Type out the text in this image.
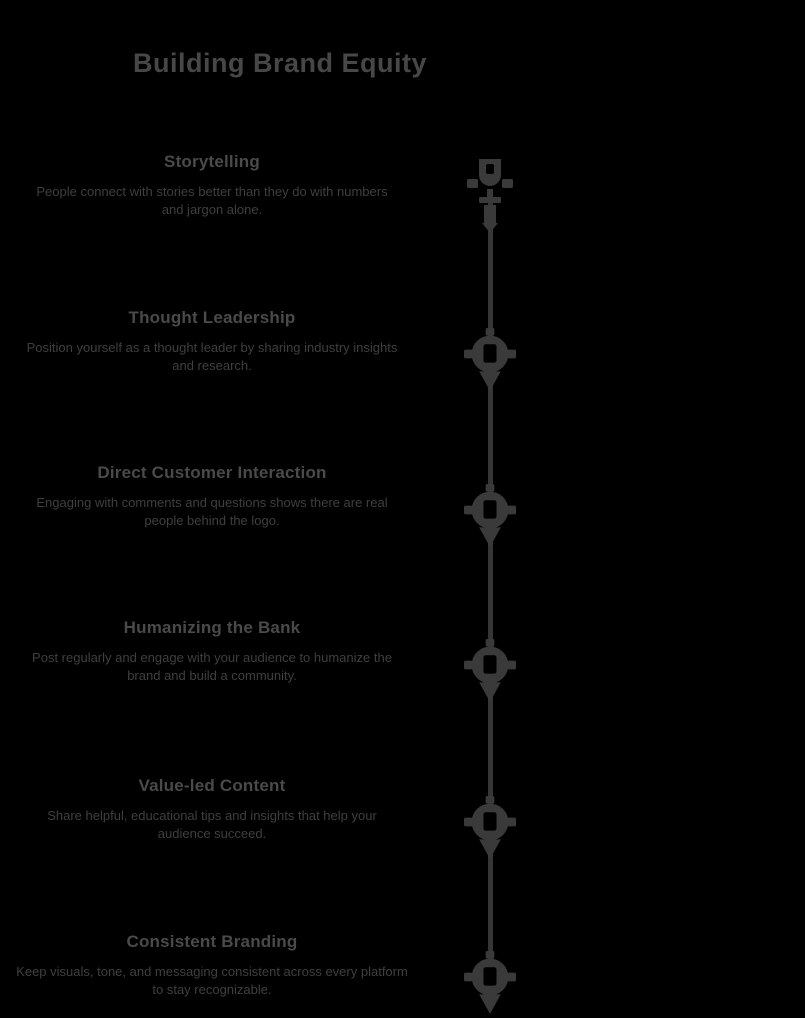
Building Brand Equity
Storytelling

People connect with stories better than they do with numbers and jargon alone.

Thought Leadership

Position yourself as a thought leader by sharing industry insights and research.

Direct Customer Interaction

Engaging with comments and questions shows there are real people behind the logo.

Humanizing the Bank

Post regularly and engage with your audience to humanize the brand and build a community.

Value-led Content

Share helpful, educational tips and insights that help your audience succeed.

Consistent Branding

Keep visuals, tone, and messaging consistent across every platform to stay recognizable.
